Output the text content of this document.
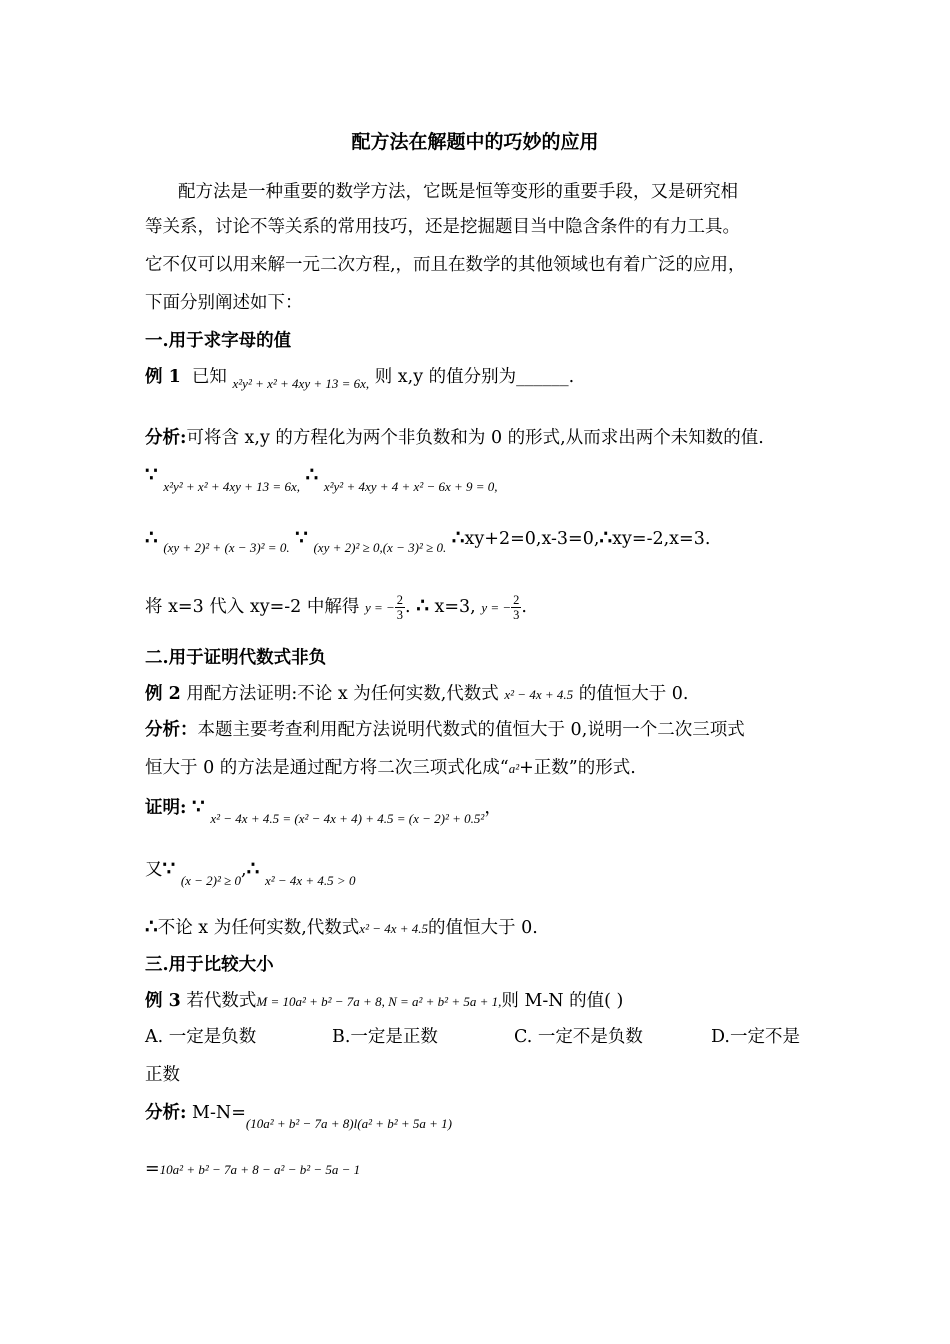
配方法在解题中的巧妙的应用
配方法是一种重要的数学方法，它既是恒等变形的重要手段，又是研究相
等关系，讨论不等关系的常用技巧，还是挖掘题目当中隐含条件的有力工具。
它不仅可以用来解一元二次方程,，而且在数学的其他领域也有着广泛的应用，
下面分别阐述如下：
一.用于求字母的值
例 1 已知 $_{x^2y^2 + x^2 + 4xy + 13 = 6x,}$ 则 x,y 的值分别为______.
分析:可将含 x,y 的方程化为两个非负数和为 0 的形式,从而求出两个未知数的值.
∵ $_{x^2y^2 + x^2 + 4xy + 13 = 6x,}$ ∴ $_{x^2y^2 + 4xy + 4 + x^2 - 6x + 9 = 0,}$
∴ $_{(xy + 2)^2 + (x - 3)^2 = 0.}$ ∵ $_{(xy + 2)^2 \ge 0,(x - 3)^2 \ge 0.}$ ∴xy+2=0,x-3=0,∴xy=-2,x=3.
将 x=3 代入 xy=-2 中解得 y = − $\frac{2}{3}$ . ∴ x=3, y = − $\frac{2}{3}$ .
二.用于证明代数式非负
例 2 用配方法证明:不论 x 为任何实数,代数式 x² − 4x + 4.5 的值恒大于 0.
分析：本题主要考查利用配方法说明代数式的值恒大于 0,说明一个二次三项式
恒大于 0 的方法是通过配方将二次三项式化成“a²+正数”的形式.
证明: ∵ $_{x^2 - 4x + 4.5 = (x^2 - 4x + 4) + 4.5 = (x - 2)^2 + 0.5^2}$，
又∵ $_{(x - 2)^2 \ge 0}$,∴ $_{x^2 - 4x + 4.5 > 0}$
∴不论 x 为任何实数,代数式x² − 4x + 4.5的值恒大于 0.
三.用于比较大小
例 3 若代数式M = 10a² + b² − 7a + 8, N = a² + b² + 5a + 1,则 M-N 的值( )
A. 一定是负数	B.一定是正数	C. 一定不是负数	D.一定不是
正数
分析: $M-N=_{(10a^2 + b^2 - 7a + 8)l(a^2 + b^2 + 5a + 1)}$
=10a² + b² − 7a + 8 − a² − b² − 5a − 1
